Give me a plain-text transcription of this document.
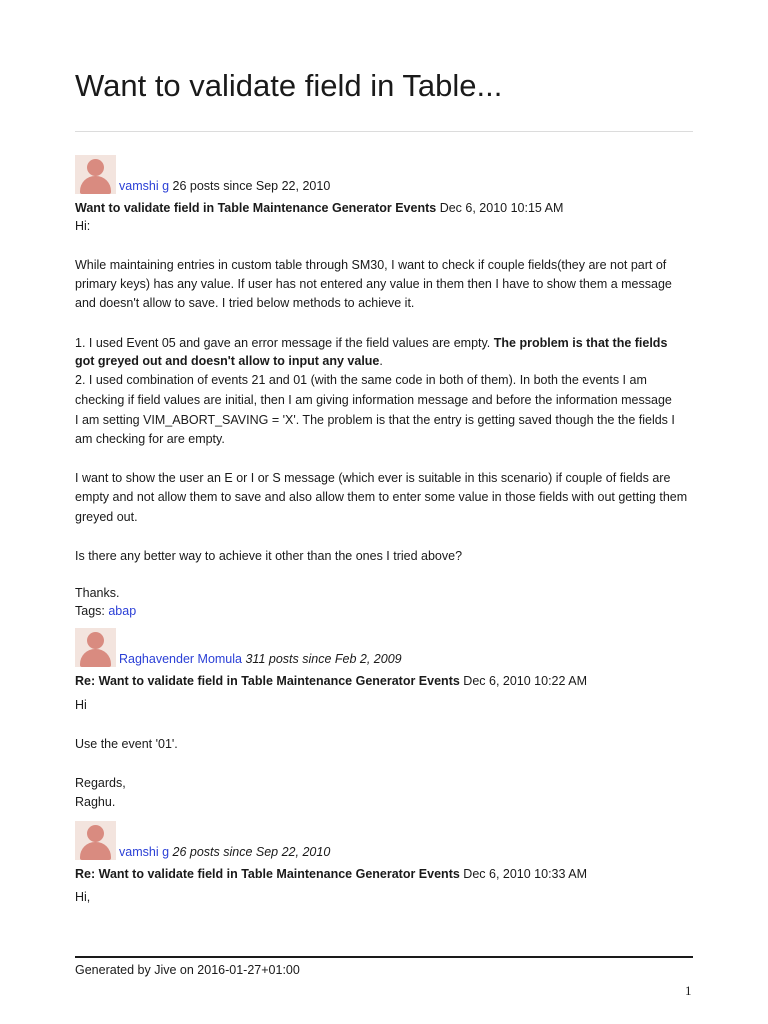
Want to validate field in Table...
vamshi g 26 posts since Sep 22, 2010
Want to validate field in Table Maintenance Generator Events Dec 6, 2010 10:15 AM
Hi:
While maintaining entries in custom table through SM30, I want to check if couple fields(they are not part of
primary keys) has any value. If user has not entered any value in them then I have to show them a message
and doesn't allow to save. I tried below methods to achieve it.
1. I used Event 05 and gave an error message if the field values are empty. The problem is that the fields
got greyed out and doesn't allow to input any value.
2. I used combination of events 21 and 01 (with the same code in both of them). In both the events I am
checking if field values are initial, then I am giving information message and before the information message
I am setting VIM_ABORT_SAVING = 'X'. The problem is that the entry is getting saved though the the fields I
am checking for are empty.
I want to show the user an E or I or S message (which ever is suitable in this scenario) if couple of fields are
empty and not allow them to save and also allow them to enter some value in those fields with out getting them
greyed out.
Is there any better way to achieve it other than the ones I tried above?
Thanks.
Tags: abap
Raghavender Momula 311 posts since Feb 2, 2009
Re: Want to validate field in Table Maintenance Generator Events Dec 6, 2010 10:22 AM
Hi
Use the event '01'.
Regards,
Raghu.
vamshi g 26 posts since Sep 22, 2010
Re: Want to validate field in Table Maintenance Generator Events Dec 6, 2010 10:33 AM
Hi,
Generated by Jive on 2016-01-27+01:00
1
